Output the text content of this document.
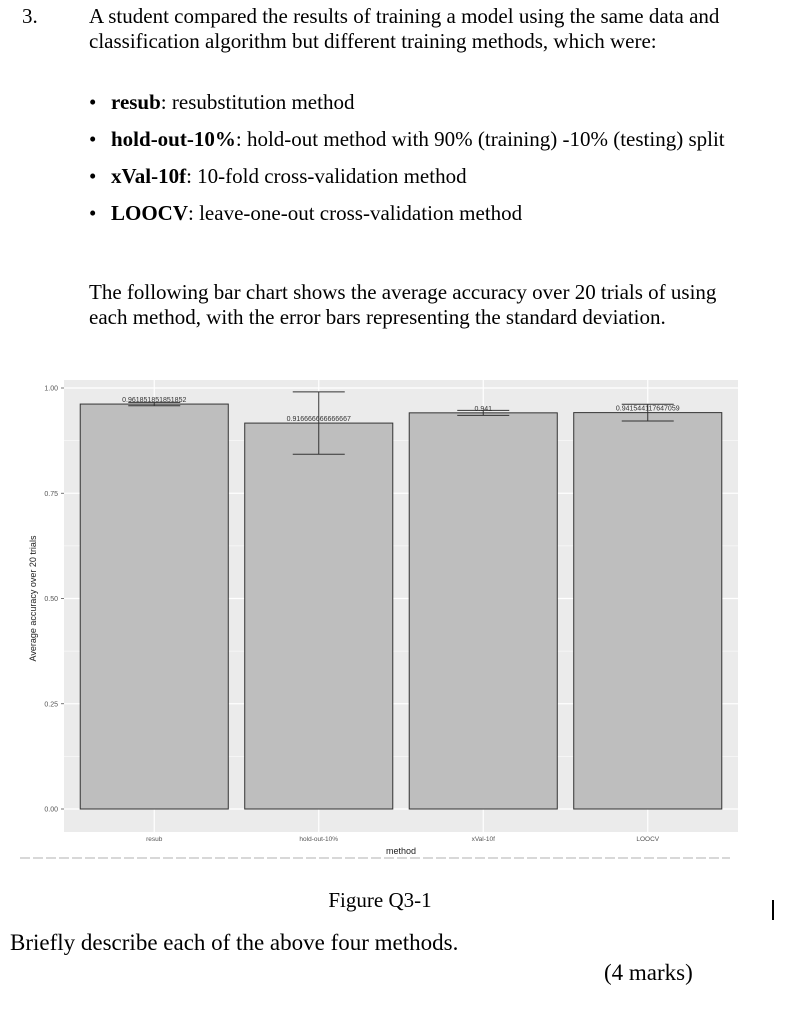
3. A student compared the results of training a model using the same data and classification algorithm but different training methods, which were:
• resub: resubstitution method
• hold-out-10%: hold-out method with 90% (training) -10% (testing) split
• xVal-10f: 10-fold cross-validation method
• LOOCV: leave-one-out cross-validation method
The following bar chart shows the average accuracy over 20 trials of using each method, with the error bars representing the standard deviation.
0.00
0.25
0.50
0.75
1.00
0.961851851851852
resub
0.916666666666667
hold-out-10%
0.941
xVal-10f
0.941544117647059
LOOCV
method
Average accuracy over 20 trials
Figure Q3-1
Briefly describe each of the above four methods.
(4 marks)
